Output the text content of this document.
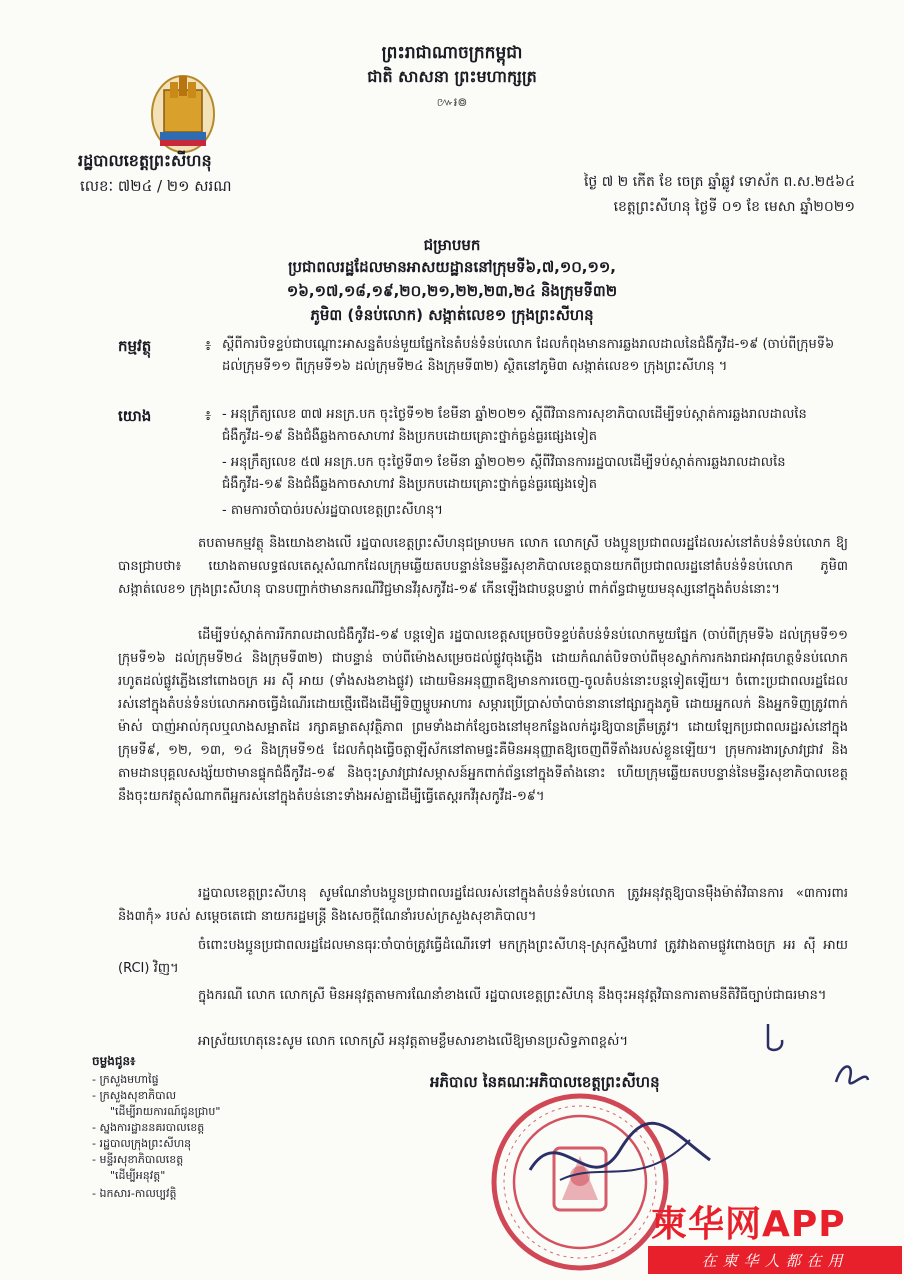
ព្រះរាជាណាចក្រកម្ពុជា
ជាតិ សាសនា ព្រះមហាក្សត្រ
៚៛៙
រដ្ឋបាលខេត្តព្រះសីហនុ
លេខៈ ៧២៤ / ២១ សរណ	ថ្ងៃ ៧ ២ កើត ខែ ចេត្រ ឆ្នាំឆ្លូវ ទោស័ក ព.ស.២៥៦៤
ខេត្តព្រះសីហនុ ថ្ងៃទី ០១ ខែ មេសា ឆ្នាំ២០២១
ជម្រាបមក
ប្រជាពលរដ្ឋដែលមានអាសយដ្ឋាននៅក្រុមទី៦,៧,១០,១១,
១៦,១៧,១៨,១៩,២០,២១,២២,២៣,២៤ និងក្រុមទី៣២
ភូមិ៣ (ទំនប់លោក) សង្កាត់លេខ១ ក្រុងព្រះសីហនុ
កម្មវត្ថុ	៖ ស្តីពីការបិទខ្ទប់ជាបណ្តោះអាសន្នតំបន់មួយផ្នែកនៃតំបន់ទំនប់លោក ដែលកំពុងមានការឆ្លងរាលដាលនៃជំងឺកូវីដ-១៩ (ចាប់ពីក្រុមទី៦ ដល់ក្រុមទី១១ ពីក្រុមទី១៦ ដល់ក្រុមទី២៤ និងក្រុមទី៣២) ស្ថិតនៅភូមិ៣ សង្កាត់លេខ១ ក្រុងព្រះសីហនុ ។
យោង	៖ - អនុក្រឹត្យលេខ ៣៧ អនក្រ.បក ចុះថ្ងៃទី១២ ខែមីនា ឆ្នាំ២០២១ ស្តីពីវិធានការសុខាភិបាលដើម្បីទប់ស្កាត់ការឆ្លងរាលដាលនៃជំងឺកូវីដ-១៩ និងជំងឺឆ្លងកាចសាហាវ និងប្រកបដោយគ្រោះថ្នាក់ធ្ងន់ធ្ងរផ្សេងទៀត
- អនុក្រឹត្យលេខ ៥៧ អនក្រ.បក ចុះថ្ងៃទី៣១ ខែមីនា ឆ្នាំ២០២១ ស្តីពីវិធានការរដ្ឋបាលដើម្បីទប់ស្កាត់ការឆ្លងរាលដាលនៃជំងឺកូវីដ-១៩ និងជំងឺឆ្លងកាចសាហាវ និងប្រកបដោយគ្រោះថ្នាក់ធ្ងន់ធ្ងរផ្សេងទៀត
- តាមការចាំបាច់របស់រដ្ឋបាលខេត្តព្រះសីហនុ។
តបតាមកម្មវត្ថុ និងយោងខាងលើ រដ្ឋបាលខេត្តព្រះសីហនុជម្រាបមក លោក លោកស្រី បងប្អូនប្រជាពលរដ្ឋដែលរស់នៅតំបន់ទំនប់លោក ឱ្យបានជ្រាបថា៖ យោងតាមលទ្ធផលតេស្តសំណាកដែលក្រុមឆ្លើយតបបន្ទាន់នៃមន្ទីរសុខាភិបាលខេត្តបានយកពីប្រជាពលរដ្ឋនៅតំបន់ទំនប់លោក ភូមិ៣ សង្កាត់លេខ១ ក្រុងព្រះសីហនុ បានបញ្ជាក់ថាមានករណីវិជ្ជមានវីរុសកូវីដ-១៩ កើនឡើងជាបន្តបន្ទាប់ ពាក់ព័ន្ធជាមួយមនុស្សនៅក្នុងតំបន់នោះ។
ដើម្បីទប់ស្កាត់ការរីករាលដាលជំងឺកូវីដ-១៩ បន្តទៀត រដ្ឋបាលខេត្តសម្រេចបិទខ្ទប់តំបន់ទំនប់លោកមួយផ្នែក (ចាប់ពីក្រុមទី៦ ដល់ក្រុមទី១១ ក្រុមទី១៦ ដល់ក្រុមទី២៤ និងក្រុមទី៣២) ជាបន្ទាន់ ចាប់ពីម៉ោងសម្រេចដល់ផ្លូវចុងភ្លើង ដោយកំណត់បិទចាប់ពីមុខស្នាក់ការកងរាជអាវុធហត្ថទំនប់លោក រហូតដល់ផ្លូវភ្លើងនៅពោងចក្រ អរ ស៊ី អាយ (ទាំងសងខាងផ្លូវ) ដោយមិនអនុញ្ញាតឱ្យមានការចេញ-ចូលតំបន់នោះបន្តទៀតឡើយ។ ចំពោះប្រជាពលរដ្ឋដែលរស់នៅក្នុងតំបន់ទំនប់លោកអាចធ្វើដំណើរដោយថ្មើរជើងដើម្បីទិញម្ហូបអាហារ សម្ភារប្រើប្រាស់ចាំបាច់នានានៅផ្សារក្នុងភូមិ ដោយអ្នកលក់ និងអ្នកទិញត្រូវពាក់ម៉ាស់ បាញ់អាល់កុលឬលាងសម្អាតដៃ រក្សាគម្លាតសុវត្ថិភាព ព្រមទាំងដាក់ខ្សែចងនៅមុខកន្លែងលក់ដូរឱ្យបានត្រឹមត្រូវ។ ដោយឡែកប្រជាពលរដ្ឋរស់នៅក្នុងក្រុមទី៩, ១២, ១៣, ១៤ និងក្រុមទី១៥ ដែលកំពុងធ្វើចត្តាឡីស័កនៅតាមផ្ទះគឺមិនអនុញ្ញាតឱ្យចេញពីទីតាំងរបស់ខ្លួនឡើយ។ ក្រុមការងារស្រាវជ្រាវ និងតាមដានបុគ្គលសង្ស័យថាមានផ្ទុកជំងឺកូវីដ-១៩ និងចុះស្រាវជ្រាវសម្ភាសន៍អ្នកពាក់ព័ន្ធនៅក្នុងទីតាំងនោះ ហើយក្រុមឆ្លើយតបបន្ទាន់នៃមន្ទីរសុខាភិបាលខេត្តនឹងចុះយកវត្ថុសំណាកពីអ្នករស់នៅក្នុងតំបន់នោះទាំងអស់គ្នាដើម្បីធ្វើតេស្តរកវីរុសកូវីដ-១៩។
រដ្ឋបាលខេត្តព្រះសីហនុ សូមណែនាំបងប្អូនប្រជាពលរដ្ឋដែលរស់នៅក្នុងតំបន់ទំនប់លោក ត្រូវអនុវត្តឱ្យបានម៉ឺងម៉ាត់វិធានការ «៣ការពារ និង៣កុំ» របស់ សម្តេចតេជោ នាយករដ្ឋមន្ត្រី និងសេចក្តីណែនាំរបស់ក្រសួងសុខាភិបាល។
ចំពោះបងប្អូនប្រជាពលរដ្ឋដែលមានធុរៈចាំបាច់ត្រូវធ្វើដំណើរទៅ មកក្រុងព្រះសីហនុ-ស្រុកស្ទឹងហាវ ត្រូវវាងតាមផ្លូវពោងចក្រ អរ ស៊ី អាយ (RCI) វិញ។
ក្នុងករណី លោក លោកស្រី មិនអនុវត្តតាមការណែនាំខាងលើ រដ្ឋបាលខេត្តព្រះសីហនុ នឹងចុះអនុវត្តវិធានការតាមនីតិវិធីច្បាប់ជាធរមាន។
អាស្រ័យហេតុនេះសូម លោក លោកស្រី អនុវត្តតាមខ្លឹមសារខាងលើឱ្យមានប្រសិទ្ធភាពខ្ពស់។
ចម្លងជូន៖
- ក្រសួងមហាផ្ទៃ
- ក្រសួងសុខាភិបាល
"ដើម្បីរាយការណ៍ជូនជ្រាប"
- ស្នងការដ្ឋាននគរបាលខេត្ត
- រដ្ឋបាលក្រុងព្រះសីហនុ
- មន្ទីរសុខាភិបាលខេត្ត
"ដើម្បីអនុវត្ត"
- ឯកសារ-កាលប្បវត្តិ
អភិបាល នៃគណៈអភិបាលខេត្តព្រះសីហនុ
柬华网APP
在柬华人都在用
